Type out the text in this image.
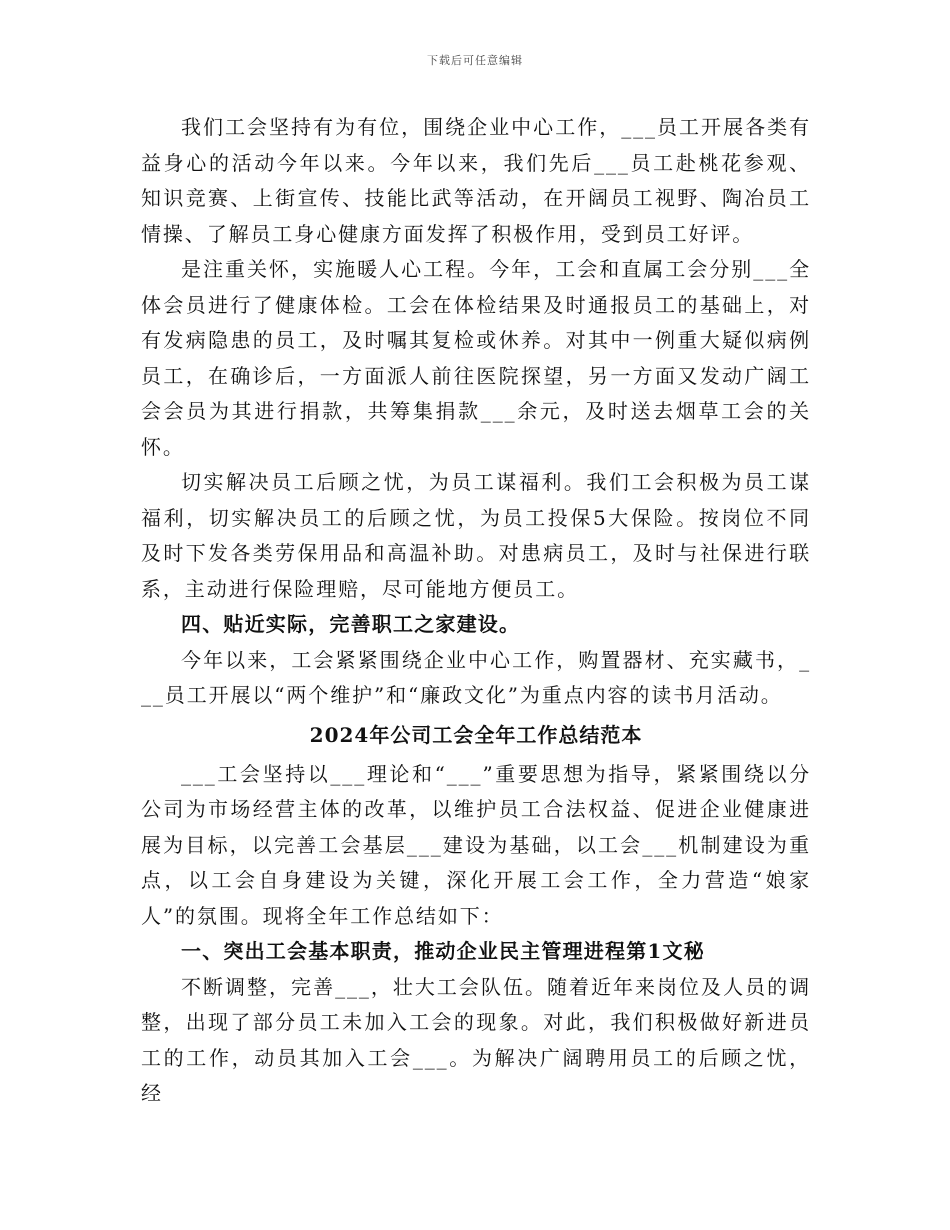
下载后可任意编辑

我们工会坚持有为有位，围绕企业中心工作，___员工开展各类有益身心的活动今年以来。今年以来，我们先后___员工赴桃花参观、知识竞赛、上街宣传、技能比武等活动，在开阔员工视野、陶冶员工情操、了解员工身心健康方面发挥了积极作用，受到员工好评。

是注重关怀，实施暖人心工程。今年，工会和直属工会分别___全体会员进行了健康体检。工会在体检结果及时通报员工的基础上，对有发病隐患的员工，及时嘱其复检或休养。对其中一例重大疑似病例员工，在确诊后，一方面派人前往医院探望，另一方面又发动广阔工会会员为其进行捐款，共筹集捐款___余元，及时送去烟草工会的关怀。

切实解决员工后顾之忧，为员工谋福利。我们工会积极为员工谋福利，切实解决员工的后顾之忧，为员工投保5大保险。按岗位不同及时下发各类劳保用品和高温补助。对患病员工，及时与社保进行联系，主动进行保险理赔，尽可能地方便员工。

四、贴近实际，完善职工之家建设。

今年以来，工会紧紧围绕企业中心工作，购置器材、充实藏书，___员工开展以“两个维护”和“廉政文化”为重点内容的读书月活动。

2024年公司工会全年工作总结范本

___工会坚持以___理论和“___”重要思想为指导，紧紧围绕以分公司为市场经营主体的改革，以维护员工合法权益、促进企业健康进展为目标，以完善工会基层___建设为基础，以工会___机制建设为重点，以工会自身建设为关键，深化开展工会工作，全力营造“娘家人”的氛围。现将全年工作总结如下：

一、突出工会基本职责，推动企业民主管理进程第1文秘

不断调整，完善___，壮大工会队伍。随着近年来岗位及人员的调整，出现了部分员工未加入工会的现象。对此，我们积极做好新进员工的工作，动员其加入工会___。为解决广阔聘用员工的后顾之忧，经
